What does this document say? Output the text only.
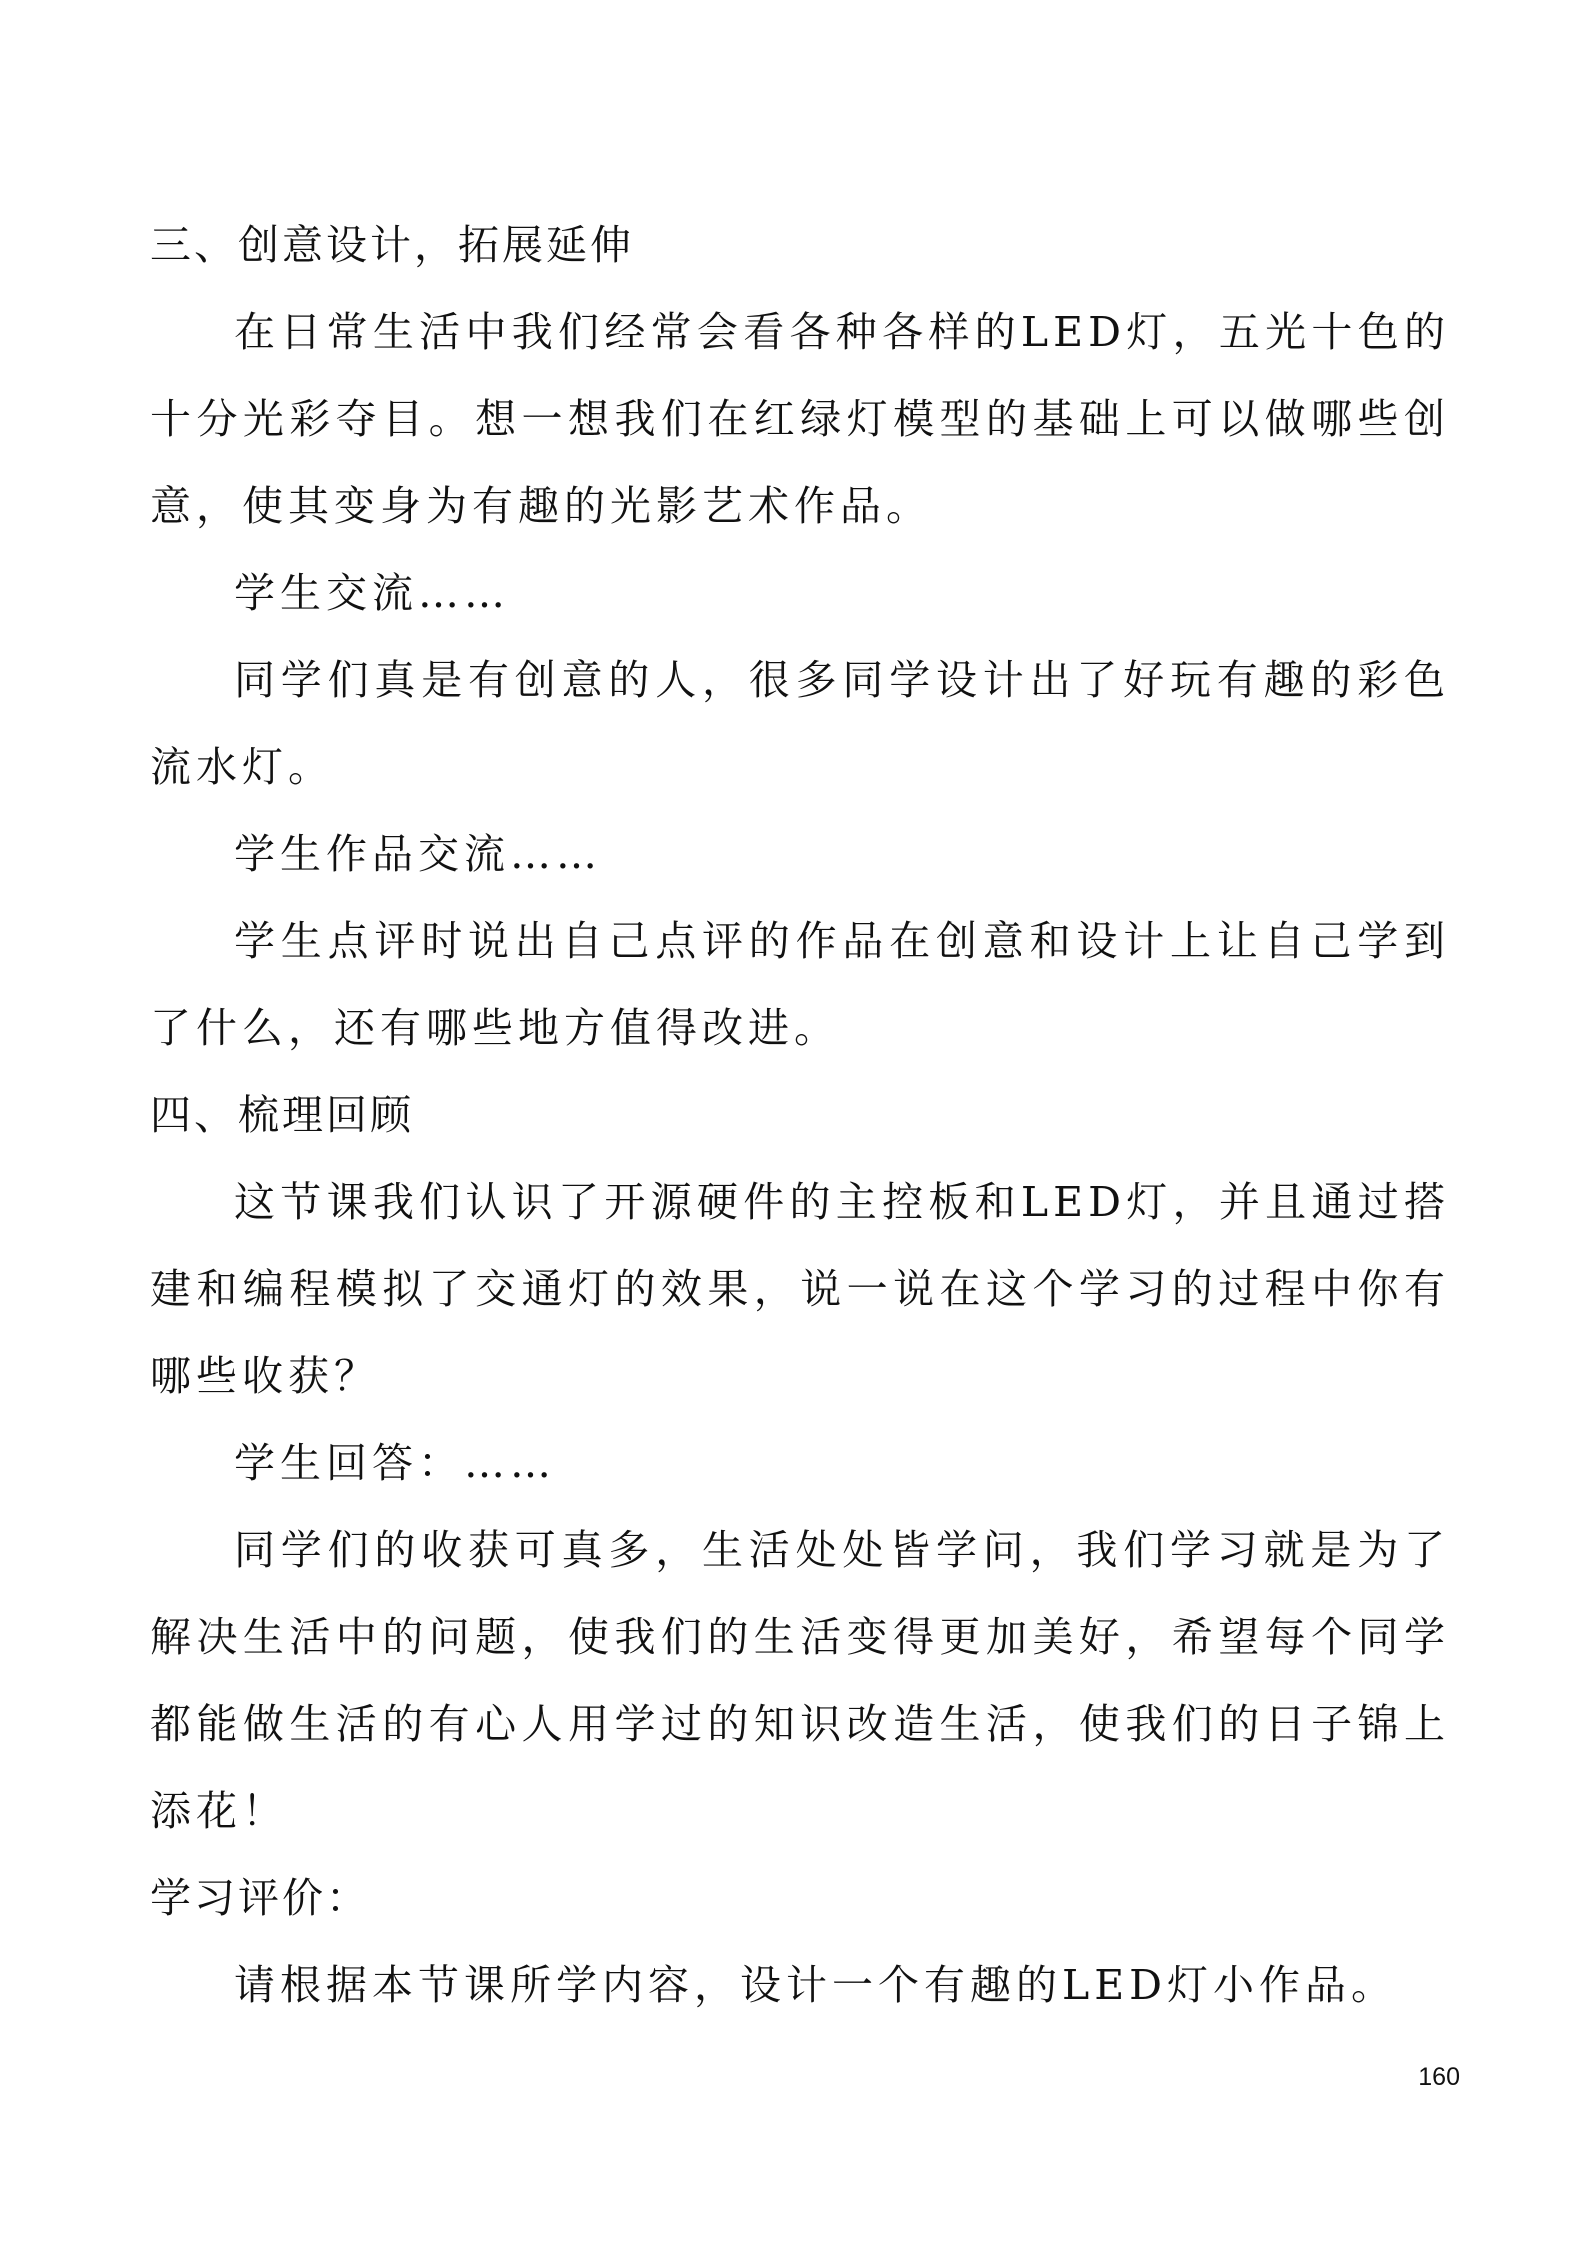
三、创意设计，拓展延伸

在日常生活中我们经常会看各种各样的LED灯，五光十色的十分光彩夺目。想一想我们在红绿灯模型的基础上可以做哪些创意，使其变身为有趣的光影艺术作品。

学生交流……

同学们真是有创意的人，很多同学设计出了好玩有趣的彩色流水灯。

学生作品交流……

学生点评时说出自己点评的作品在创意和设计上让自己学到了什么，还有哪些地方值得改进。

四、梳理回顾

这节课我们认识了开源硬件的主控板和LED灯，并且通过搭建和编程模拟了交通灯的效果，说一说在这个学习的过程中你有哪些收获？

学生回答：……

同学们的收获可真多，生活处处皆学问，我们学习就是为了解决生活中的问题，使我们的生活变得更加美好，希望每个同学都能做生活的有心人用学过的知识改造生活，使我们的日子锦上添花！

学习评价：

请根据本节课所学内容，设计一个有趣的LED灯小作品。

160
